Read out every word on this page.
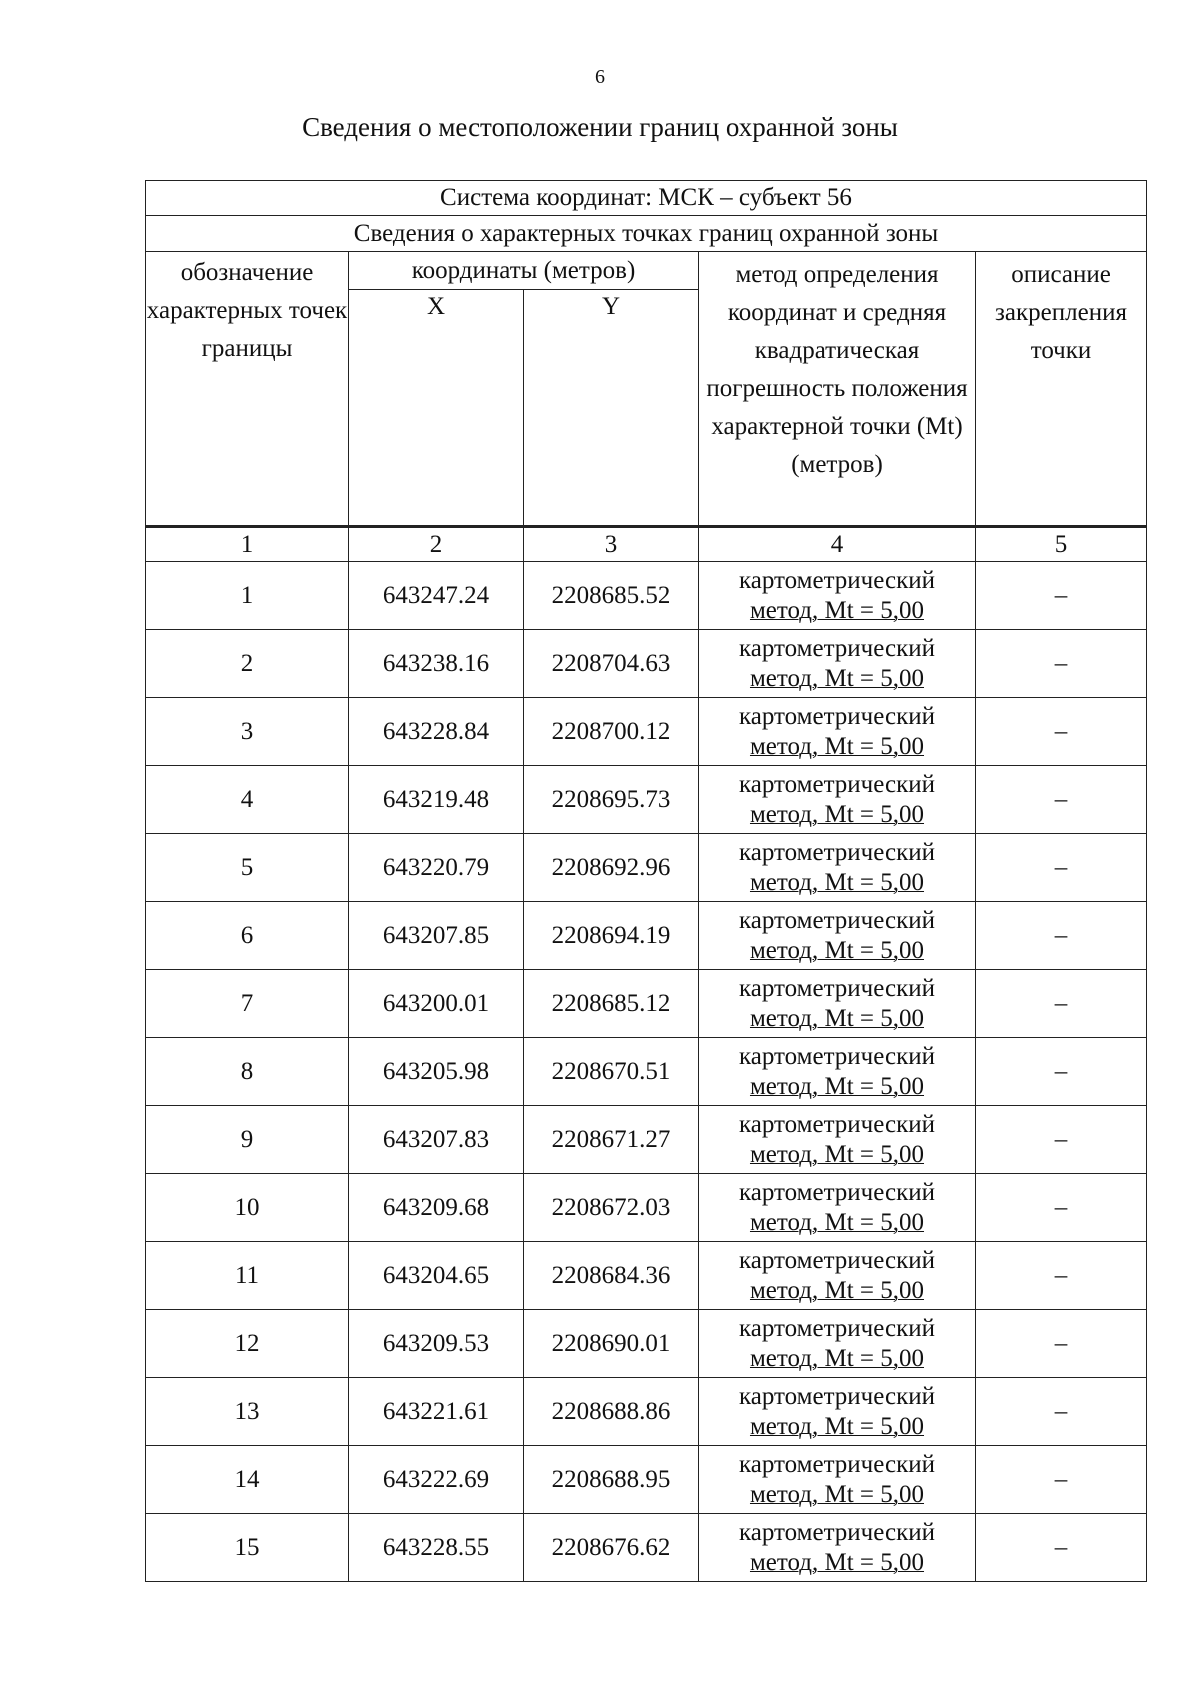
6
Сведения о местоположении границ охранной зоны
Система координат: МСК – субъект 56				
Сведения о характерных точках границ охранной зоны				
обозначение характерных точек границы	координаты (метров)		метод определения координат и средняя квадратическая погрешность положения характерной точки (Mt) (метров)	описание закрепления точки
	X	Y		
1	2	3	4	5
1	643247.24	2208685.52	картометрический
метод, Mt = 5,00	–
2	643238.16	2208704.63	картометрический
метод, Mt = 5,00	–
3	643228.84	2208700.12	картометрический
метод, Mt = 5,00	–
4	643219.48	2208695.73	картометрический
метод, Mt = 5,00	–
5	643220.79	2208692.96	картометрический
метод, Mt = 5,00	–
6	643207.85	2208694.19	картометрический
метод, Mt = 5,00	–
7	643200.01	2208685.12	картометрический
метод, Mt = 5,00	–
8	643205.98	2208670.51	картометрический
метод, Mt = 5,00	–
9	643207.83	2208671.27	картометрический
метод, Mt = 5,00	–
10	643209.68	2208672.03	картометрический
метод, Mt = 5,00	–
11	643204.65	2208684.36	картометрический
метод, Mt = 5,00	–
12	643209.53	2208690.01	картометрический
метод, Mt = 5,00	–
13	643221.61	2208688.86	картометрический
метод, Mt = 5,00	–
14	643222.69	2208688.95	картометрический
метод, Mt = 5,00	–
15	643228.55	2208676.62	картометрический
метод, Mt = 5,00	–
